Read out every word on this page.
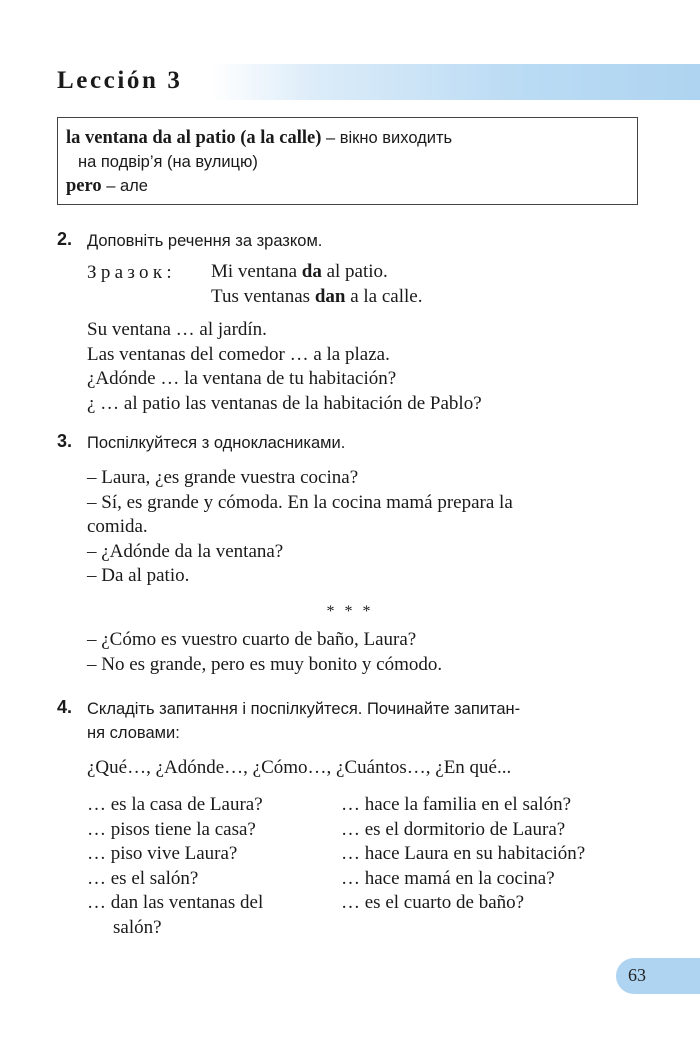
Lección 3
la ventana da al patio (a la calle) – вікно виходить
на подвір’я (на вулицю)
pero – але
2. Доповніть речення за зразком.
Зразок: Mi ventana da al patio.
Tus ventanas dan a la calle.
Su ventana … al jardín.
Las ventanas del comedor … a la plaza.
¿Adónde … la ventana de tu habitación?
¿ … al patio las ventanas de la habitación de Pablo?
3. Поспілкуйтеся з однокласниками.
– Laura, ¿es grande vuestra cocina?
– Sí, es grande y cómoda. En la cocina mamá prepara la
comida.
– ¿Adónde da la ventana?
– Da al patio.
* * *
– ¿Cómo es vuestro cuarto de baño, Laura?
– No es grande, pero es muy bonito y cómodo.
4. Складіть запитання і поспілкуйтеся. Починайте запитан-
ня словами:
¿Qué…, ¿Adónde…, ¿Cómo…, ¿Cuántos…, ¿En qué...
… es la casa de Laura?
… pisos tiene la casa?
… piso vive Laura?
… es el salón?
… dan las ventanas del
salón?
… hace la familia en el salón?
… es el dormitorio de Laura?
… hace Laura en su habitación?
… hace mamá en la cocina?
… es el cuarto de baño?
63
